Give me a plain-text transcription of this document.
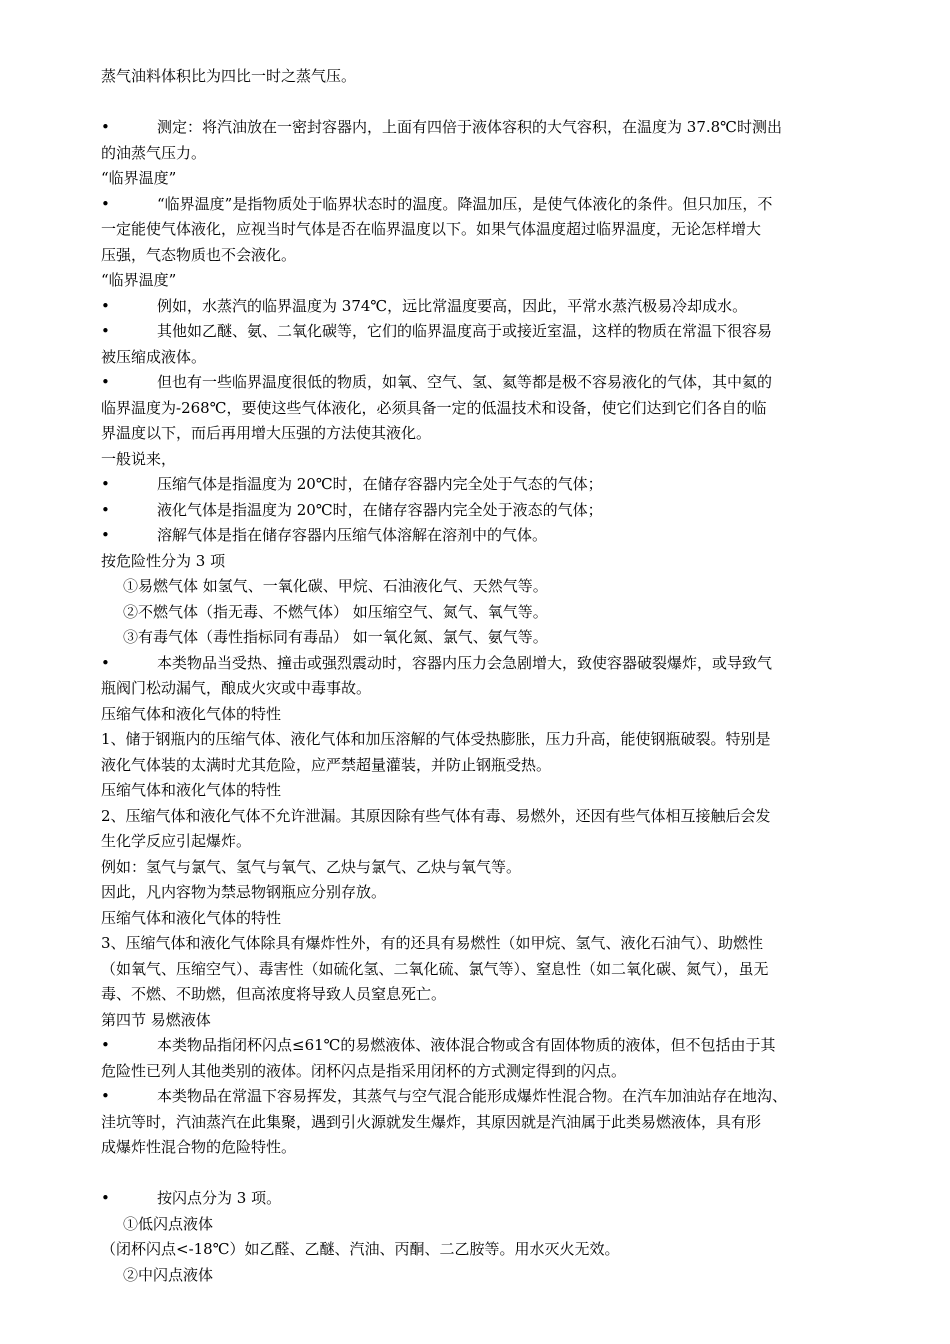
蒸气油料体积比为四比一时之蒸气压。
•	测定：将汽油放在一密封容器内，上面有四倍于液体容积的大气容积，在温度为 37.8℃时测出
的油蒸气压力。
“临界温度”
•	“临界温度”是指物质处于临界状态时的温度。降温加压，是使气体液化的条件。但只加压，不
一定能使气体液化，应视当时气体是否在临界温度以下。如果气体温度超过临界温度，无论怎样增大
压强，气态物质也不会液化。
“临界温度”
•	例如，水蒸汽的临界温度为 374℃，远比常温度要高，因此，平常水蒸汽极易冷却成水。
•	其他如乙醚、氨、二氧化碳等，它们的临界温度高于或接近室温，这样的物质在常温下很容易
被压缩成液体。
•	但也有一些临界温度很低的物质，如氧、空气、氢、氦等都是极不容易液化的气体，其中氦的
临界温度为-268℃，要使这些气体液化，必须具备一定的低温技术和设备，使它们达到它们各自的临
界温度以下，而后再用增大压强的方法使其液化。
一般说来，
•	压缩气体是指温度为 20℃时，在储存容器内完全处于气态的气体；
•	液化气体是指温度为 20℃时，在储存容器内完全处于液态的气体；
•	溶解气体是指在储存容器内压缩气体溶解在溶剂中的气体。
按危险性分为 3 项
①易燃气体 如氢气、一氧化碳、甲烷、石油液化气、天然气等。
②不燃气体（指无毒、不燃气体） 如压缩空气、氮气、氧气等。
③有毒气体（毒性指标同有毒品） 如一氧化氮、氯气、氨气等。
•	本类物品当受热、撞击或强烈震动时，容器内压力会急剧增大，致使容器破裂爆炸，或导致气
瓶阀门松动漏气，酿成火灾或中毒事故。
压缩气体和液化气体的特性
1、储于钢瓶内的压缩气体、液化气体和加压溶解的气体受热膨胀，压力升高，能使钢瓶破裂。特别是
液化气体装的太满时尤其危险，应严禁超量灌装，并防止钢瓶受热。
压缩气体和液化气体的特性
2、压缩气体和液化气体不允许泄漏。其原因除有些气体有毒、易燃外，还因有些气体相互接触后会发
生化学反应引起爆炸。
例如：氢气与氯气、氢气与氧气、乙炔与氯气、乙炔与氧气等。
因此，凡内容物为禁忌物钢瓶应分别存放。
压缩气体和液化气体的特性
3、压缩气体和液化气体除具有爆炸性外，有的还具有易燃性（如甲烷、氢气、液化石油气）、助燃性
（如氧气、压缩空气）、毒害性（如硫化氢、二氧化硫、氯气等）、窒息性（如二氧化碳、氮气），虽无
毒、不燃、不助燃，但高浓度将导致人员窒息死亡。
第四节 易燃液体
•	本类物品指闭杯闪点≤61℃的易燃液体、液体混合物或含有固体物质的液体，但不包括由于其
危险性已列人其他类别的液体。闭杯闪点是指采用闭杯的方式测定得到的闪点。
•	本类物品在常温下容易挥发，其蒸气与空气混合能形成爆炸性混合物。在汽车加油站存在地沟、
洼坑等时，汽油蒸汽在此集聚，遇到引火源就发生爆炸，其原因就是汽油属于此类易燃液体，具有形
成爆炸性混合物的危险特性。
•	按闪点分为 3 项。
①低闪点液体
（闭杯闪点<-18℃）如乙醛、乙醚、汽油、丙酮、二乙胺等。用水灭火无效。
②中闪点液体
